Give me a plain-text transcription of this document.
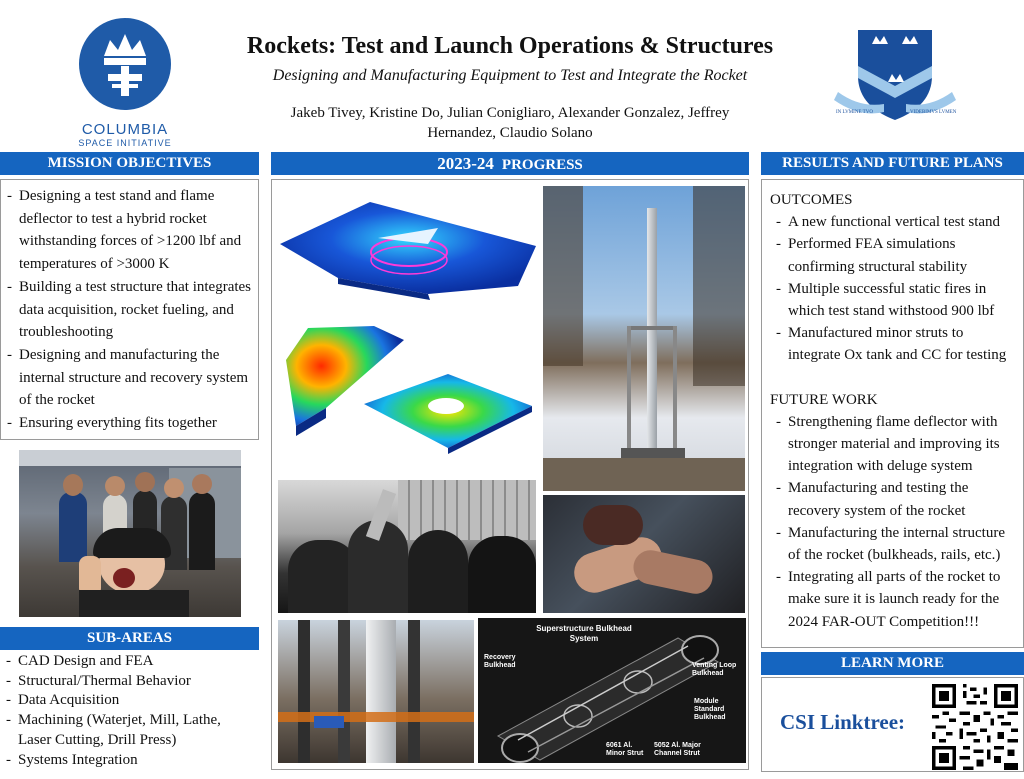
COLUMBIA
SPACE INITIATIVE
Rockets: Test and Launch Operations & Structures
Designing and Manufacturing Equipment to Test and Integrate the Rocket
Jakeb Tivey, Kristine Do, Julian Conigliaro, Alexander Gonzalez, Jeffrey Hernandez, Claudio Solano
IN LVMINE TVO	VIDEBIMVS LVMEN
MISSION OBJECTIVES
- Designing a test stand and flame deflector to test a hybrid rocket withstanding forces of >1200 lbf and temperatures of >3000 K
- Building a test structure that integrates data acquisition, rocket fueling, and troubleshooting
- Designing and manufacturing the internal structure and recovery system of the rocket
- Ensuring everything fits together
SUB-AREAS
- CAD Design and FEA
- Structural/Thermal Behavior
- Data Acquisition
- Machining (Waterjet, Mill, Lathe, Laser Cutting, Drill Press)
- Systems Integration
2023-24 PROGRESS
Superstructure Bulkhead System
Recovery Bulkhead	Venting Loop Bulkhead
Module Standard Bulkhead
6061 Al. Minor Strut
5052 Al. Major Channel Strut
RESULTS AND FUTURE PLANS
OUTCOMES
- A new functional vertical test stand
- Performed FEA simulations confirming structural stability
- Multiple successful static fires in which test stand withstood 900 lbf
- Manufactured minor struts to integrate Ox tank and CC for testing
FUTURE WORK
- Strengthening flame deflector with stronger material and improving its integration with deluge system
- Manufacturing and testing the recovery system of the rocket
- Manufacturing the internal structure of the rocket (bulkheads, rails, etc.)
- Integrating all parts of the rocket to make sure it is launch ready for the 2024 FAR-OUT Competition!!!
LEARN MORE
CSI Linktree:
